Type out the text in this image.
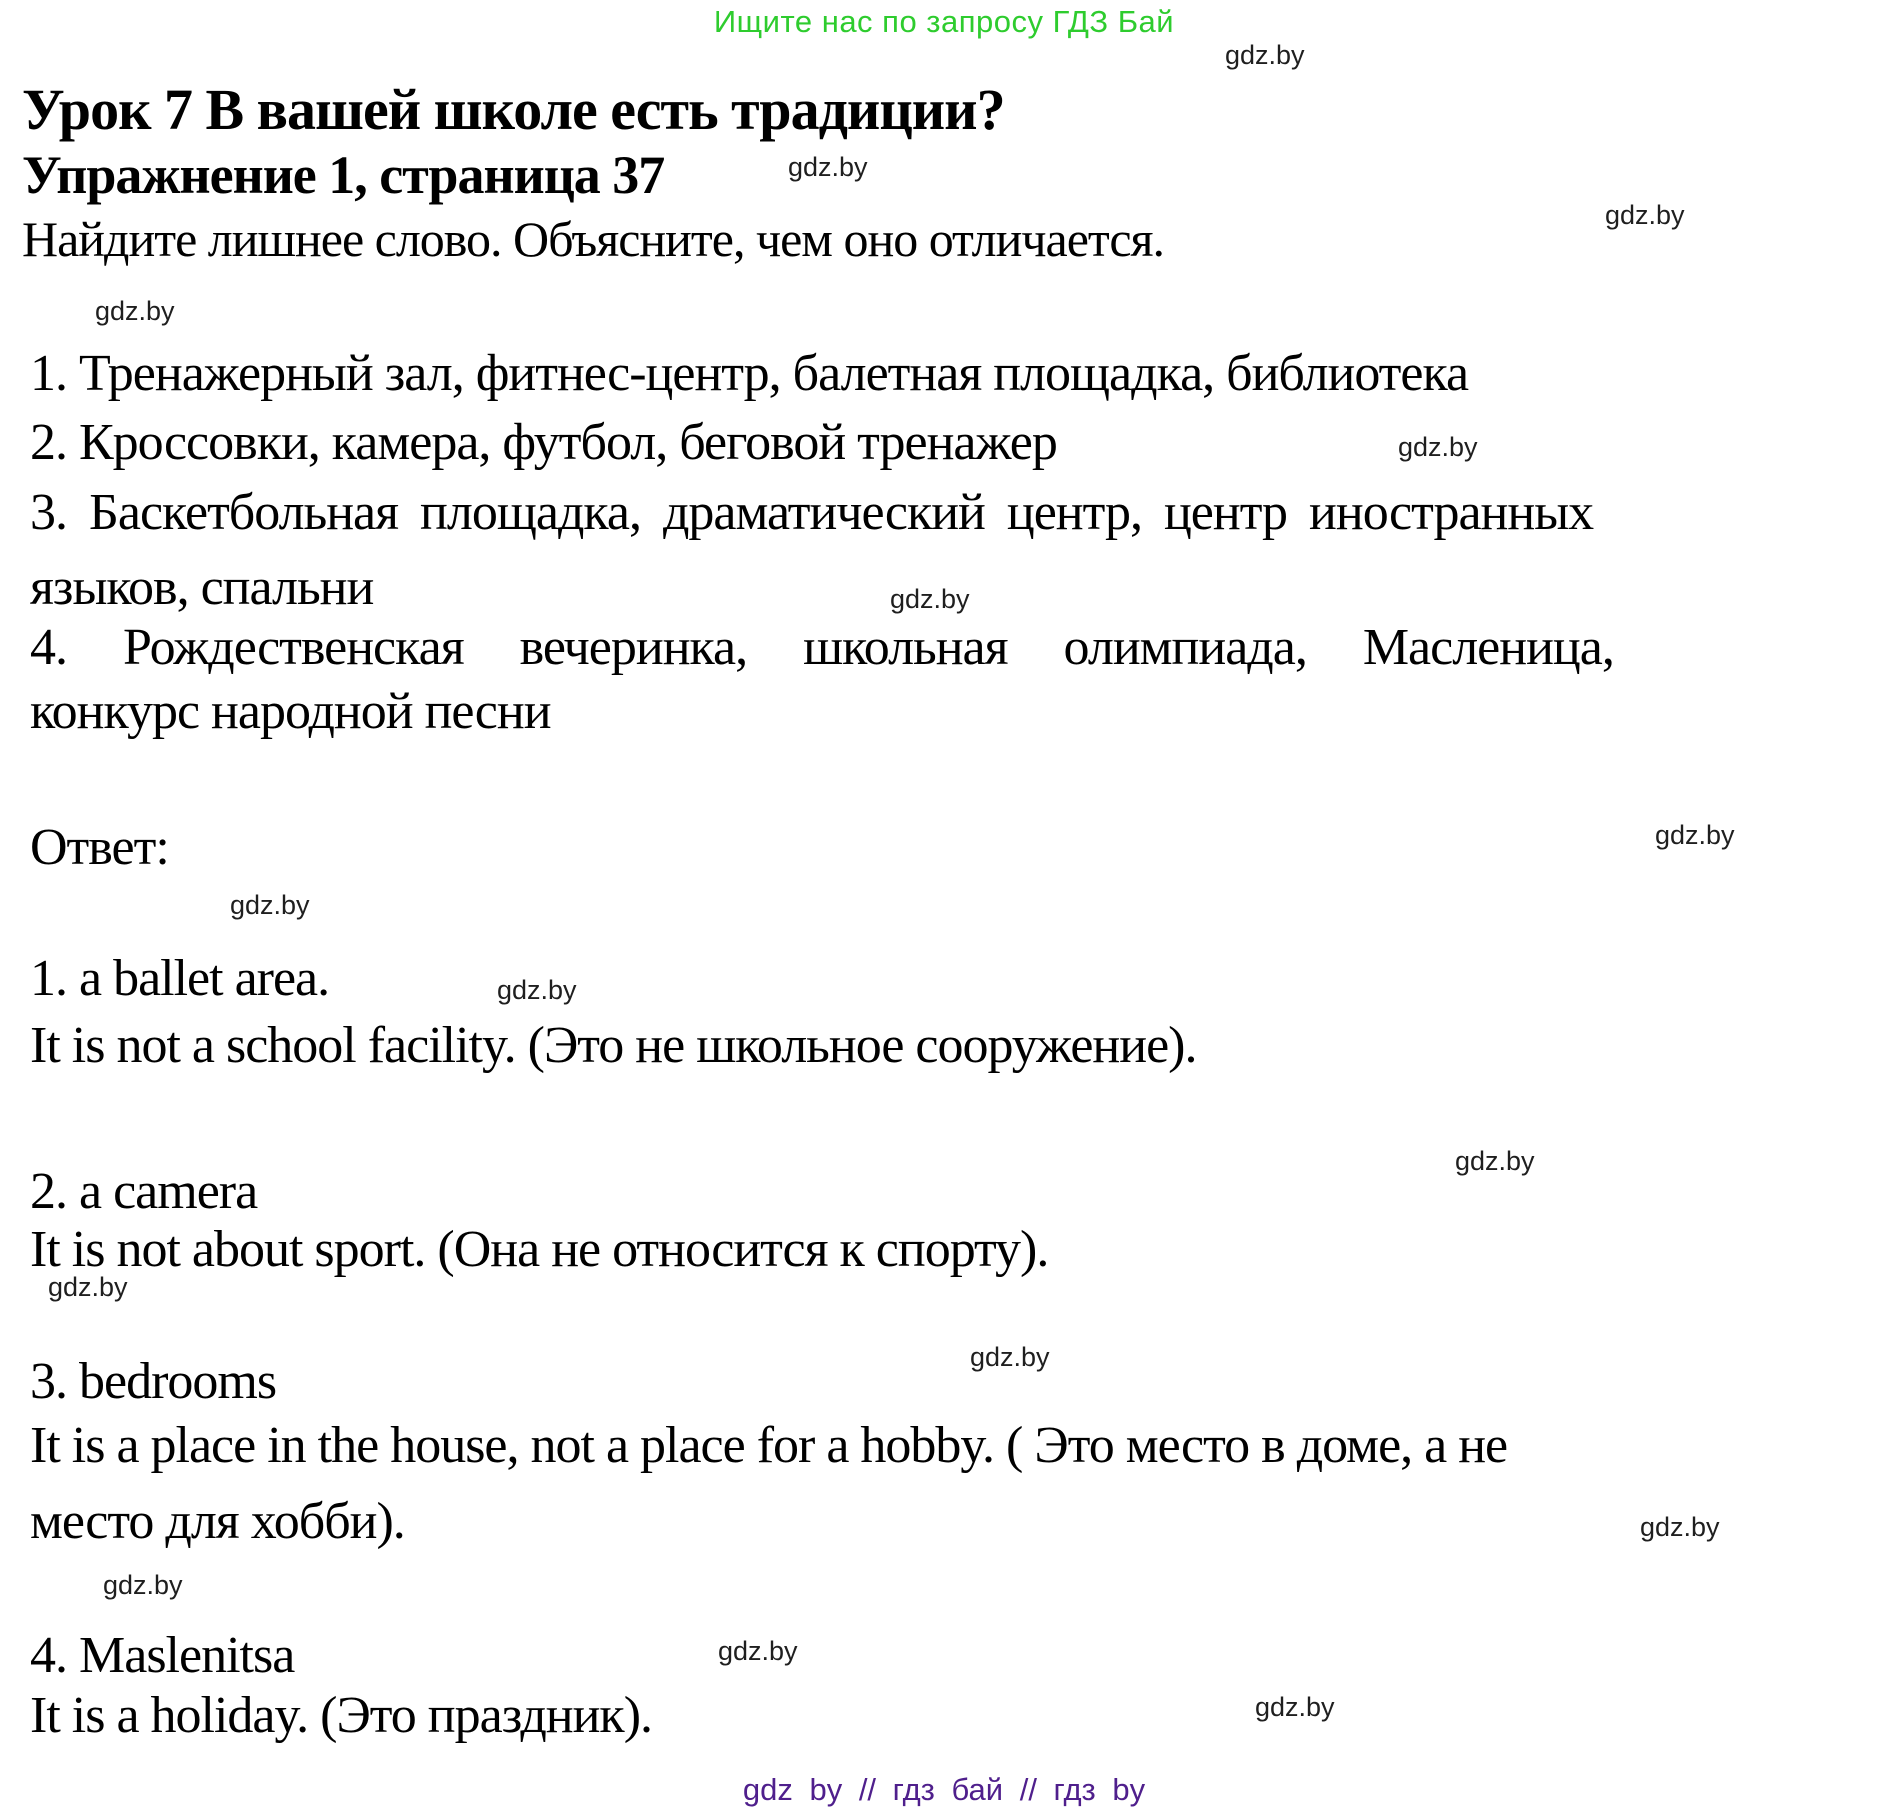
Ищите нас по запросу ГДЗ Бай
gdz.by
gdz.by
gdz.by
gdz.by
gdz.by
gdz.by
gdz.by
gdz.by
gdz.by
gdz.by
gdz.by
gdz.by
gdz.by
gdz.by
gdz.by
gdz.by
Урок 7 В вашей школе есть традиции?
Упражнение 1, страница 37
Найдите лишнее слово. Объясните, чем оно отличается.
1. Тренажерный зал, фитнес-центр, балетная площадка, библиотека
2. Кроссовки, камера, футбол, беговой тренажер
3. Баскетбольная площадка, драматический центр, центр иностранных
языков, спальни
4. Рождественская вечеринка, школьная олимпиада, Масленица,
конкурс народной песни
Ответ:
1. a ballet area.
It is not a school facility. (Это не школьное сооружение).
2. a camera
It is not about sport. (Она не относится к спорту).
3. bedrooms
It is a place in the house, not a place for a hobby. ( Это место в доме, а не
место для хобби).
4. Maslenitsa
It is a holiday. (Это праздник).
gdz by // гдз бай // гдз by
